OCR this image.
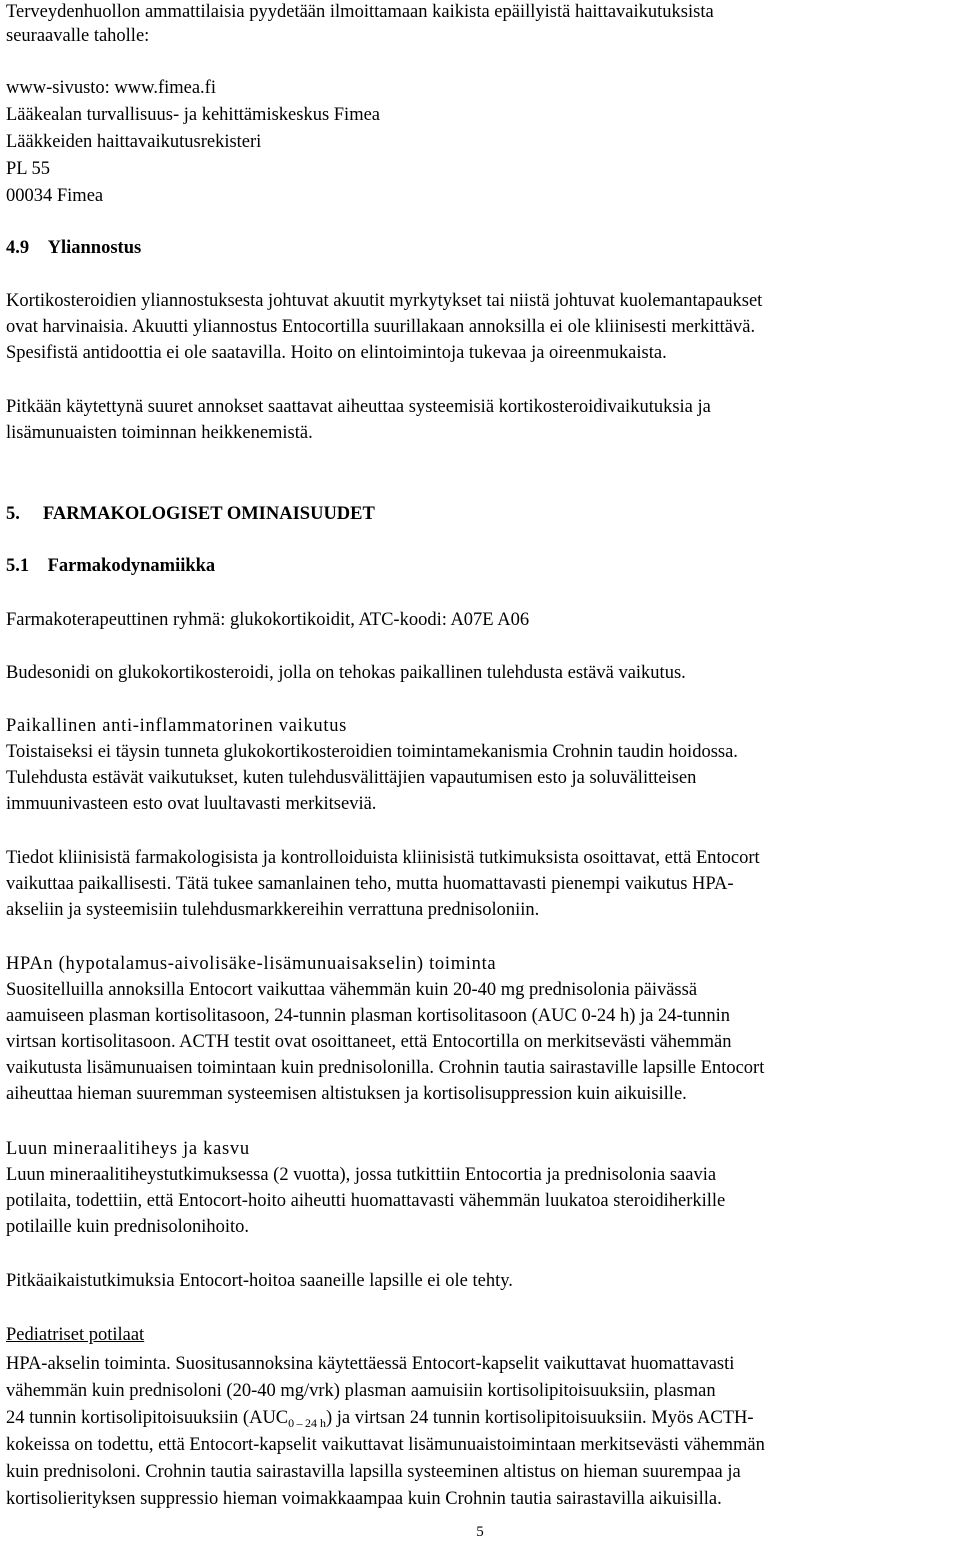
Terveydenhuollon ammattilaisia pyydetään ilmoittamaan kaikista epäillyistä haittavaikutuksista
seuraavalle taholle:
www-sivusto: www.fimea.fi
Lääkealan turvallisuus- ja kehittämiskeskus Fimea
Lääkkeiden haittavaikutusrekisteri
PL 55
00034 Fimea
4.9    Yliannostus
Kortikosteroidien yliannostuksesta johtuvat akuutit myrkytykset tai niistä johtuvat kuolemantapaukset
ovat harvinaisia. Akuutti yliannostus Entocortilla suurillakaan annoksilla ei ole kliinisesti merkittävä.
Spesifistä antidoottia ei ole saatavilla. Hoito on elintoimintoja tukevaa ja oireenmukaista.
Pitkään käytettynä suuret annokset saattavat aiheuttaa systeemisiä kortikosteroidivaikutuksia ja
lisämunuaisten toiminnan heikkenemistä.
5.     FARMAKOLOGISET OMINAISUUDET
5.1    Farmakodynamiikka
Farmakoterapeuttinen ryhmä: glukokortikoidit, ATC-koodi: A07E A06
Budesonidi on glukokortikosteroidi, jolla on tehokas paikallinen tulehdusta estävä vaikutus.
Paikallinen anti-inflammatorinen vaikutus
Toistaiseksi ei täysin tunneta glukokortikosteroidien toimintamekanismia Crohnin taudin hoidossa.
Tulehdusta estävät vaikutukset, kuten tulehdusvälittäjien vapautumisen esto ja soluvälitteisen
immuunivasteen esto ovat luultavasti merkitseviä.
Tiedot kliinisistä farmakologisista ja kontrolloiduista kliinisistä tutkimuksista osoittavat, että Entocort
vaikuttaa paikallisesti. Tätä tukee samanlainen teho, mutta huomattavasti pienempi vaikutus HPA-
akseliin ja systeemisiin tulehdusmarkkereihin verrattuna prednisoloniin.
HPAn (hypotalamus-aivolisäke-lisämunuaisakselin) toiminta
Suositelluilla annoksilla Entocort vaikuttaa vähemmän kuin 20-40 mg prednisolonia päivässä
aamuiseen plasman kortisolitasoon, 24-tunnin plasman kortisolitasoon (AUC 0-24 h) ja 24-tunnin
virtsan kortisolitasoon. ACTH testit ovat osoittaneet, että Entocortilla on merkitsevästi vähemmän
vaikutusta lisämunuaisen toimintaan kuin prednisolonilla. Crohnin tautia sairastaville lapsille Entocort
aiheuttaa hieman suuremman systeemisen altistuksen ja kortisolisuppression kuin aikuisille.
Luun mineraalitiheys ja kasvu
Luun mineraalitiheystutkimuksessa (2 vuotta), jossa tutkittiin Entocortia ja prednisolonia saavia
potilaita, todettiin, että Entocort-hoito aiheutti huomattavasti vähemmän luukatoa steroidiherkille
potilaille kuin prednisolonihoito.
Pitkäaikaistutkimuksia Entocort-hoitoa saaneille lapsille ei ole tehty.
Pediatriset potilaat
HPA-akselin toiminta. Suositusannoksina käytettäessä Entocort-kapselit vaikuttavat huomattavasti
vähemmän kuin prednisoloni (20-40 mg/vrk) plasman aamuisiin kortisolipitoisuuksiin, plasman
24 tunnin kortisolipitoisuuksiin $(AUC_{0 - 24 h})$ ja virtsan 24 tunnin kortisolipitoisuuksiin. Myös ACTH-
kokeissa on todettu, että Entocort-kapselit vaikuttavat lisämunuaistoimintaan merkitsevästi vähemmän
kuin prednisoloni. Crohnin tautia sairastavilla lapsilla systeeminen altistus on hieman suurempaa ja
kortisolierityksen suppressio hieman voimakkaampaa kuin Crohnin tautia sairastavilla aikuisilla.
5
